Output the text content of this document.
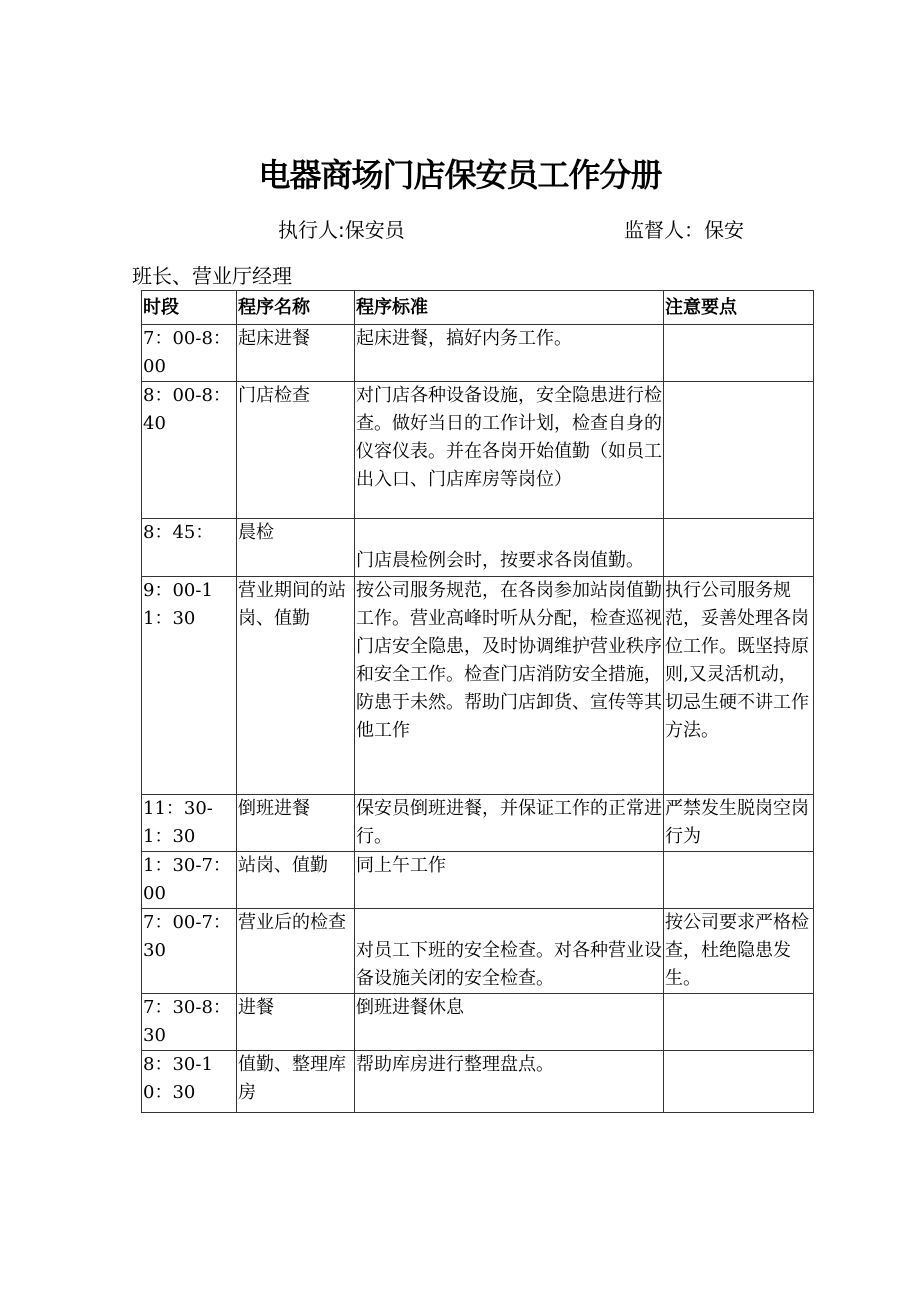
电器商场门店保安员工作分册
执行人:保安员	监督人：保安
班长、营业厅经理
时段	程序名称	程序标准	注意要点
7：00-8：00	起床进餐	起床进餐，搞好内务工作。	
8：00-8：40	门店检查	对门店各种设备设施，安全隐患进行检查。做好当日的工作计划，检查自身的仪容仪表。并在各岗开始值勤（如员工出入口、门店库房等岗位）	
8：45：	晨检	门店晨检例会时，按要求各岗值勤。	
9：00-11：30	营业期间的站岗、值勤	按公司服务规范，在各岗参加站岗值勤工作。营业高峰时听从分配，检查巡视门店安全隐患，及时协调维护营业秩序和安全工作。检查门店消防安全措施，防患于未然。帮助门店卸货、宣传等其他工作	执行公司服务规范，妥善处理各岗位工作。既坚持原则,又灵活机动，切忌生硬不讲工作方法。
11：30-1：30	倒班进餐	保安员倒班进餐，并保证工作的正常进行。	严禁发生脱岗空岗行为
1：30-7：00	站岗、值勤	同上午工作	
7：00-7：30	营业后的检查	对员工下班的安全检查。对各种营业设备设施关闭的安全检查。	按公司要求严格检查，杜绝隐患发生。
7：30-8：30	进餐	倒班进餐休息	
8：30-10：30	值勤、整理库房	帮助库房进行整理盘点。	
